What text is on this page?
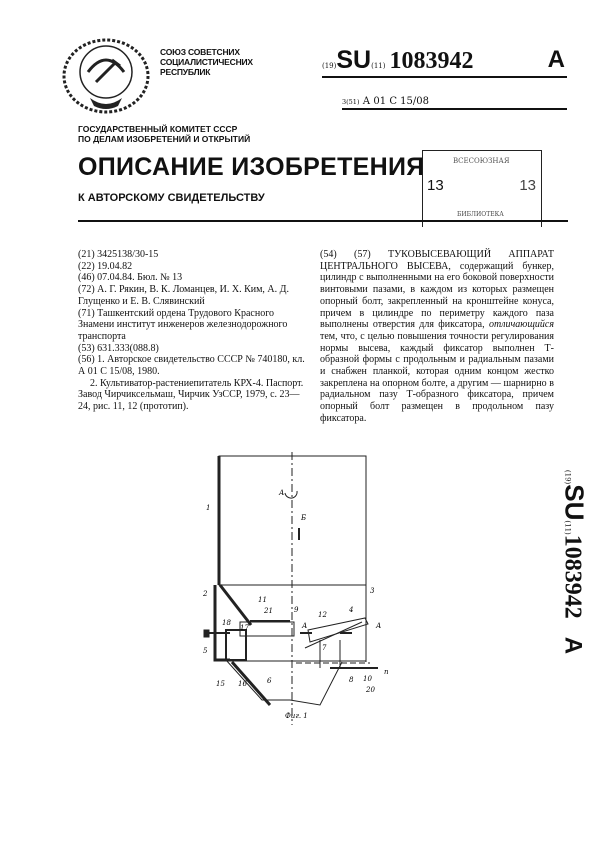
СОЮЗ СОВЕТСНИХ
СОЦИАЛИСТИЧЕСНИХ
РЕСПУБЛИК
(19)SU(11) 1083942	A
3(51) А 01 С 15/08
ГОСУДАРСТВЕННЫЙ КОМИТЕТ СССР
ПО ДЕЛАМ ИЗОБРЕТЕНИЙ И ОТКРЫТИЙ
ОПИСАНИЕ ИЗОБРЕТЕНИЯ
К АВТОРСКОМУ СВИДЕТЕЛЬСТВУ
ВСЕСОЮЗНАЯ
13	13
БИБЛИОТЕКА

(21) 3425138/30-15

(22) 19.04.82

(46) 07.04.84. Бюл. № 13

(72) А. Г. Рякин, В. К. Ломанцев, И. Х. Ким, А. Д. Глущенко и Е. В. Слявинский

(71) Ташкентский ордена Трудового Красного Знамени институт инженеров железнодорожного транспорта

(53) 631.333(088.8)

(56) 1. Авторское свидетельство СССР № 740180, кл. А 01 С 15/08, 1980.

2. Культиватор-растениепитатель КРХ-4. Паспорт. Завод Чирчиксельмаш, Чирчик УзССР, 1979, с. 23—24, рис. 11, 12 (прототип).

(54) (57) ТУКОВЫСЕВАЮЩИЙ АППАРАТ ЦЕНТРАЛЬНОГО ВЫСЕВА, содержащий бункер, цилиндр с выполненными на его боковой поверхности винтовыми пазами, в каждом из которых размещен опорный болт, закрепленный на кронштейне конуса, причем в цилиндре по периметру каждого паза выполнены отверстия для фиксатора, отличающийся тем, что, с целью повышения точности регулирования нормы высева, каждый фиксатор выполнен Т-образной формы с продольным и радиальным пазами и снабжен планкой, которая одним концом жестко закреплена на опорном болте, а другим — шарнирно в радиальном пазу Т-образного фиксатора, причем опорный болт размещен в продольном пазу фиксатора.

(19)SU(11)1083942A
1
2	3
4
5
6
7
8
9
10
11
12
15 16
17
18
20
21
А
А	А
Б
n
Фиг. 1
